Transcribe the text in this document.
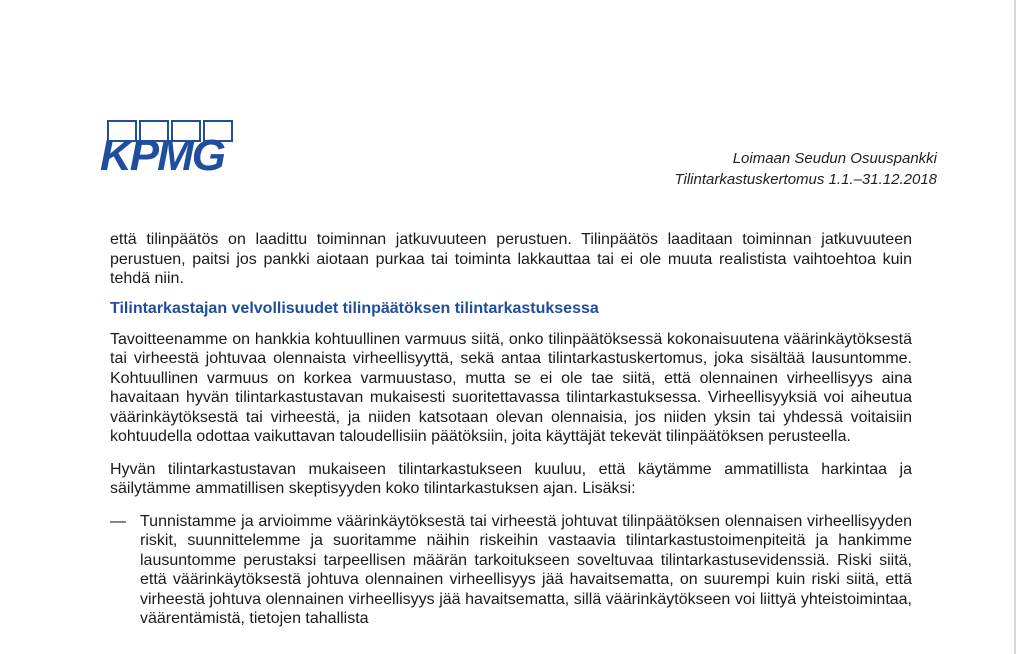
KPMG	Loimaan Seudun Osuuspankki
Tilintarkastuskertomus 1.1.–31.12.2018

että tilinpäätös on laadittu toiminnan jatkuvuuteen perustuen. Tilinpäätös laaditaan toiminnan jatkuvuuteen perustuen, paitsi jos pankki aiotaan purkaa tai toiminta lakkauttaa tai ei ole muuta realistista vaihtoehtoa kuin tehdä niin.

Tilintarkastajan velvollisuudet tilinpäätöksen tilintarkastuksessa

Tavoitteenamme on hankkia kohtuullinen varmuus siitä, onko tilinpäätöksessä kokonaisuutena väärinkäytöksestä tai virheestä johtuvaa olennaista virheellisyyttä, sekä antaa tilintarkastuskertomus, joka sisältää lausuntomme. Kohtuullinen varmuus on korkea varmuustaso, mutta se ei ole tae siitä, että olennainen virheellisyys aina havaitaan hyvän tilintarkastustavan mukaisesti suoritettavassa tilintarkastuksessa. Virheellisyyksiä voi aiheutua väärinkäytöksestä tai virheestä, ja niiden katsotaan olevan olennaisia, jos niiden yksin tai yhdessä voitaisiin kohtuudella odottaa vaikuttavan taloudellisiin päätöksiin, joita käyttäjät tekevät tilinpäätöksen perusteella.

Hyvän tilintarkastustavan mukaiseen tilintarkastukseen kuuluu, että käytämme ammatillista harkintaa ja säilytämme ammatillisen skeptisyyden koko tilintarkastuksen ajan. Lisäksi:

— Tunnistamme ja arvioimme väärinkäytöksestä tai virheestä johtuvat tilinpäätöksen olennaisen virheellisyyden riskit, suunnittelemme ja suoritamme näihin riskeihin vastaavia tilintarkastustoimenpiteitä ja hankimme lausuntomme perustaksi tarpeellisen määrän tarkoitukseen soveltuvaa tilintarkastusevidenssiä. Riski siitä, että väärinkäytöksestä johtuva olennainen virheellisyys jää havaitsematta, on suurempi kuin riski siitä, että virheestä johtuva olennainen virheellisyys jää havaitsematta, sillä väärinkäytökseen voi liittyä yhteistoimintaa, väärentämistä, tietojen tahallista
